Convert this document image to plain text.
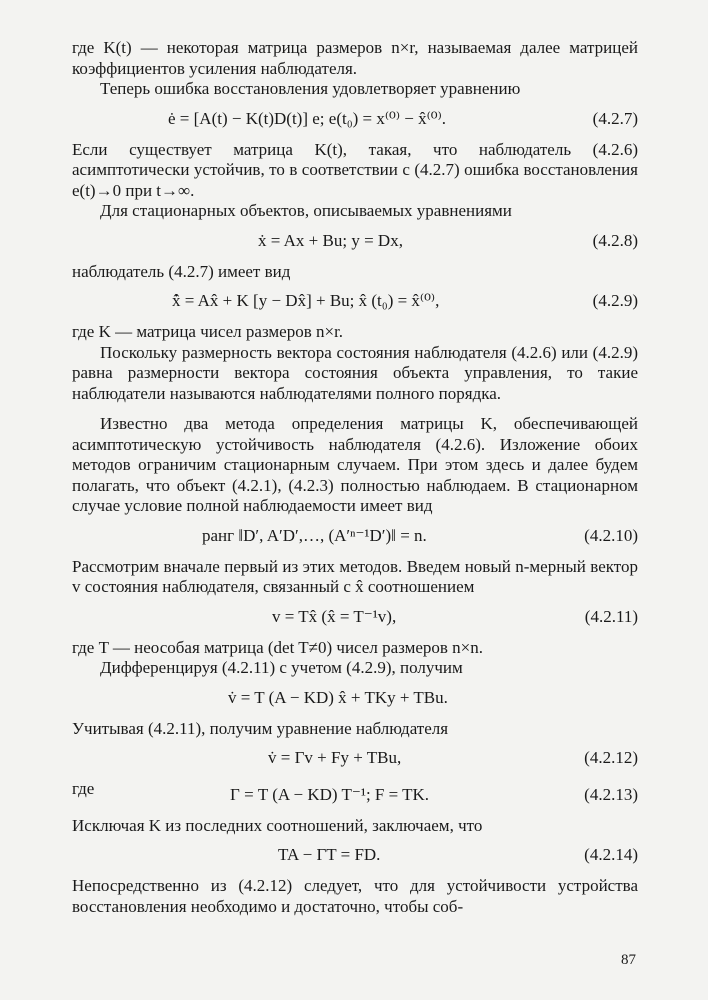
где K(t) — некоторая матрица размеров n×r, называемая далее матрицей коэффициентов усиления наблюдателя.

Теперь ошибка восстановления удовлетворяет уравнению

ė = [A(t) − K(t)D(t)] e; e(t₀) = x⁽⁰⁾ − x̂⁽⁰⁾.	(4.2.7)

Если существует матрица K(t), такая, что наблюдатель (4.2.6) асимптотически устойчив, то в соответствии с (4.2.7) ошибка восстановления e(t)→0 при t→∞.

Для стационарных объектов, описываемых уравнениями

ẋ = Ax + Bu; y = Dx,	(4.2.8)

наблюдатель (4.2.7) имеет вид

x̂̇ = Ax̂ + K [y − Dx̂] + Bu; x̂ (t₀) = x̂⁽⁰⁾,	(4.2.9)

где K — матрица чисел размеров n×r.

Поскольку размерность вектора состояния наблюдателя (4.2.6) или (4.2.9) равна размерности вектора состояния объекта управления, то такие наблюдатели называются наблюдателями полного порядка.

Известно два метода определения матрицы K, обеспечивающей асимптотическую устойчивость наблюдателя (4.2.6). Изложение обоих методов ограничим стационарным случаем. При этом здесь и далее будем полагать, что объект (4.2.1), (4.2.3) полностью наблюдаем. В стационарном случае условие полной наблюдаемости имеет вид

ранг ‖D′, A′D′,…, (A′ⁿ⁻¹D′)‖ = n.	(4.2.10)

Рассмотрим вначале первый из этих методов. Введем новый n-мерный вектор v состояния наблюдателя, связанный с x̂ соотношением

v = Tx̂ (x̂ = T⁻¹v),	(4.2.11)

где T — неособая матрица (det T≠0) чисел размеров n×n.

Дифференцируя (4.2.11) с учетом (4.2.9), получим

v̇ = T (A − KD) x̂ + TKy + TBu.

Учитывая (4.2.11), получим уравнение наблюдателя

v̇ = Γv + Fy + TBu,	(4.2.12)

где	Γ = T (A − KD) T⁻¹; F = TK.	(4.2.13)

Исключая K из последних соотношений, заключаем, что

TA − ΓT = FD.	(4.2.14)

Непосредственно из (4.2.12) следует, что для устойчивости устройства восстановления необходимо и достаточно, чтобы соб-

87
